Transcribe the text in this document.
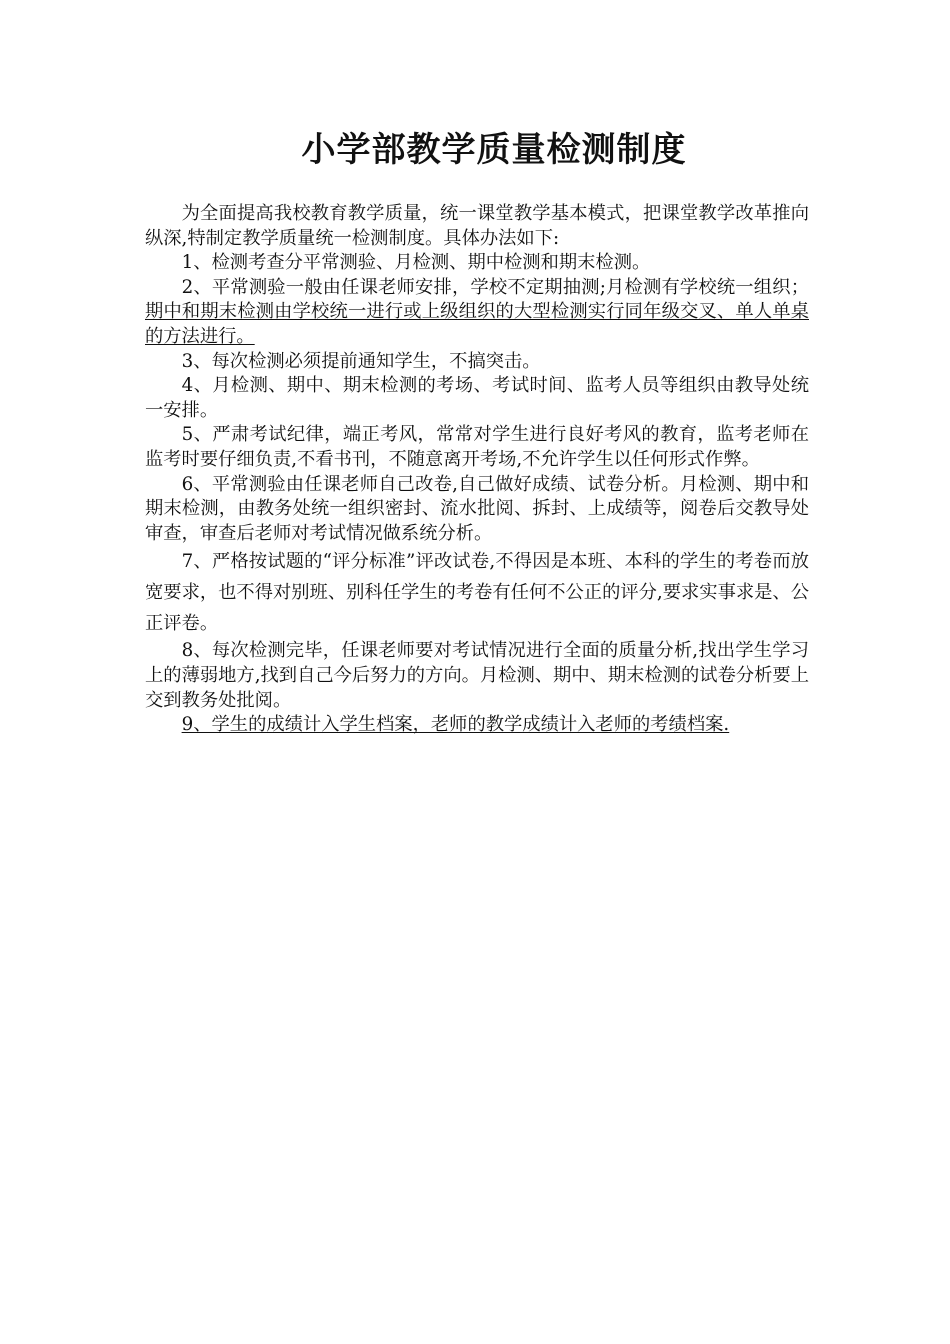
小学部教学质量检测制度

为全面提高我校教育教学质量，统一课堂教学基本模式，把课堂教学改革推向纵深,特制定教学质量统一检测制度。具体办法如下:

1、检测考查分平常测验、月检测、期中检测和期末检测。

2、平常测验一般由任课老师安排，学校不定期抽测;月检测有学校统一组织；期中和期末检测由学校统一进行或上级组织的大型检测实行同年级交叉、单人单桌的方法进行。

3、每次检测必须提前通知学生，不搞突击。

4、月检测、期中、期末检测的考场、考试时间、监考人员等组织由教导处统一安排。

5、严肃考试纪律，端正考风，常常对学生进行良好考风的教育，监考老师在监考时要仔细负责,不看书刊，不随意离开考场,不允许学生以任何形式作弊。

6、平常测验由任课老师自己改卷,自己做好成绩、试卷分析。月检测、期中和期末检测，由教务处统一组织密封、流水批阅、拆封、上成绩等，阅卷后交教导处审查，审查后老师对考试情况做系统分析。

7、严格按试题的“评分标准”评改试卷,不得因是本班、本科的学生的考卷而放宽要求，也不得对别班、别科任学生的考卷有任何不公正的评分,要求实事求是、公正评卷。

8、每次检测完毕，任课老师要对考试情况进行全面的质量分析,找出学生学习上的薄弱地方,找到自己今后努力的方向。月检测、期中、期末检测的试卷分析要上交到教务处批阅。

9、学生的成绩计入学生档案，老师的教学成绩计入老师的考绩档案.
